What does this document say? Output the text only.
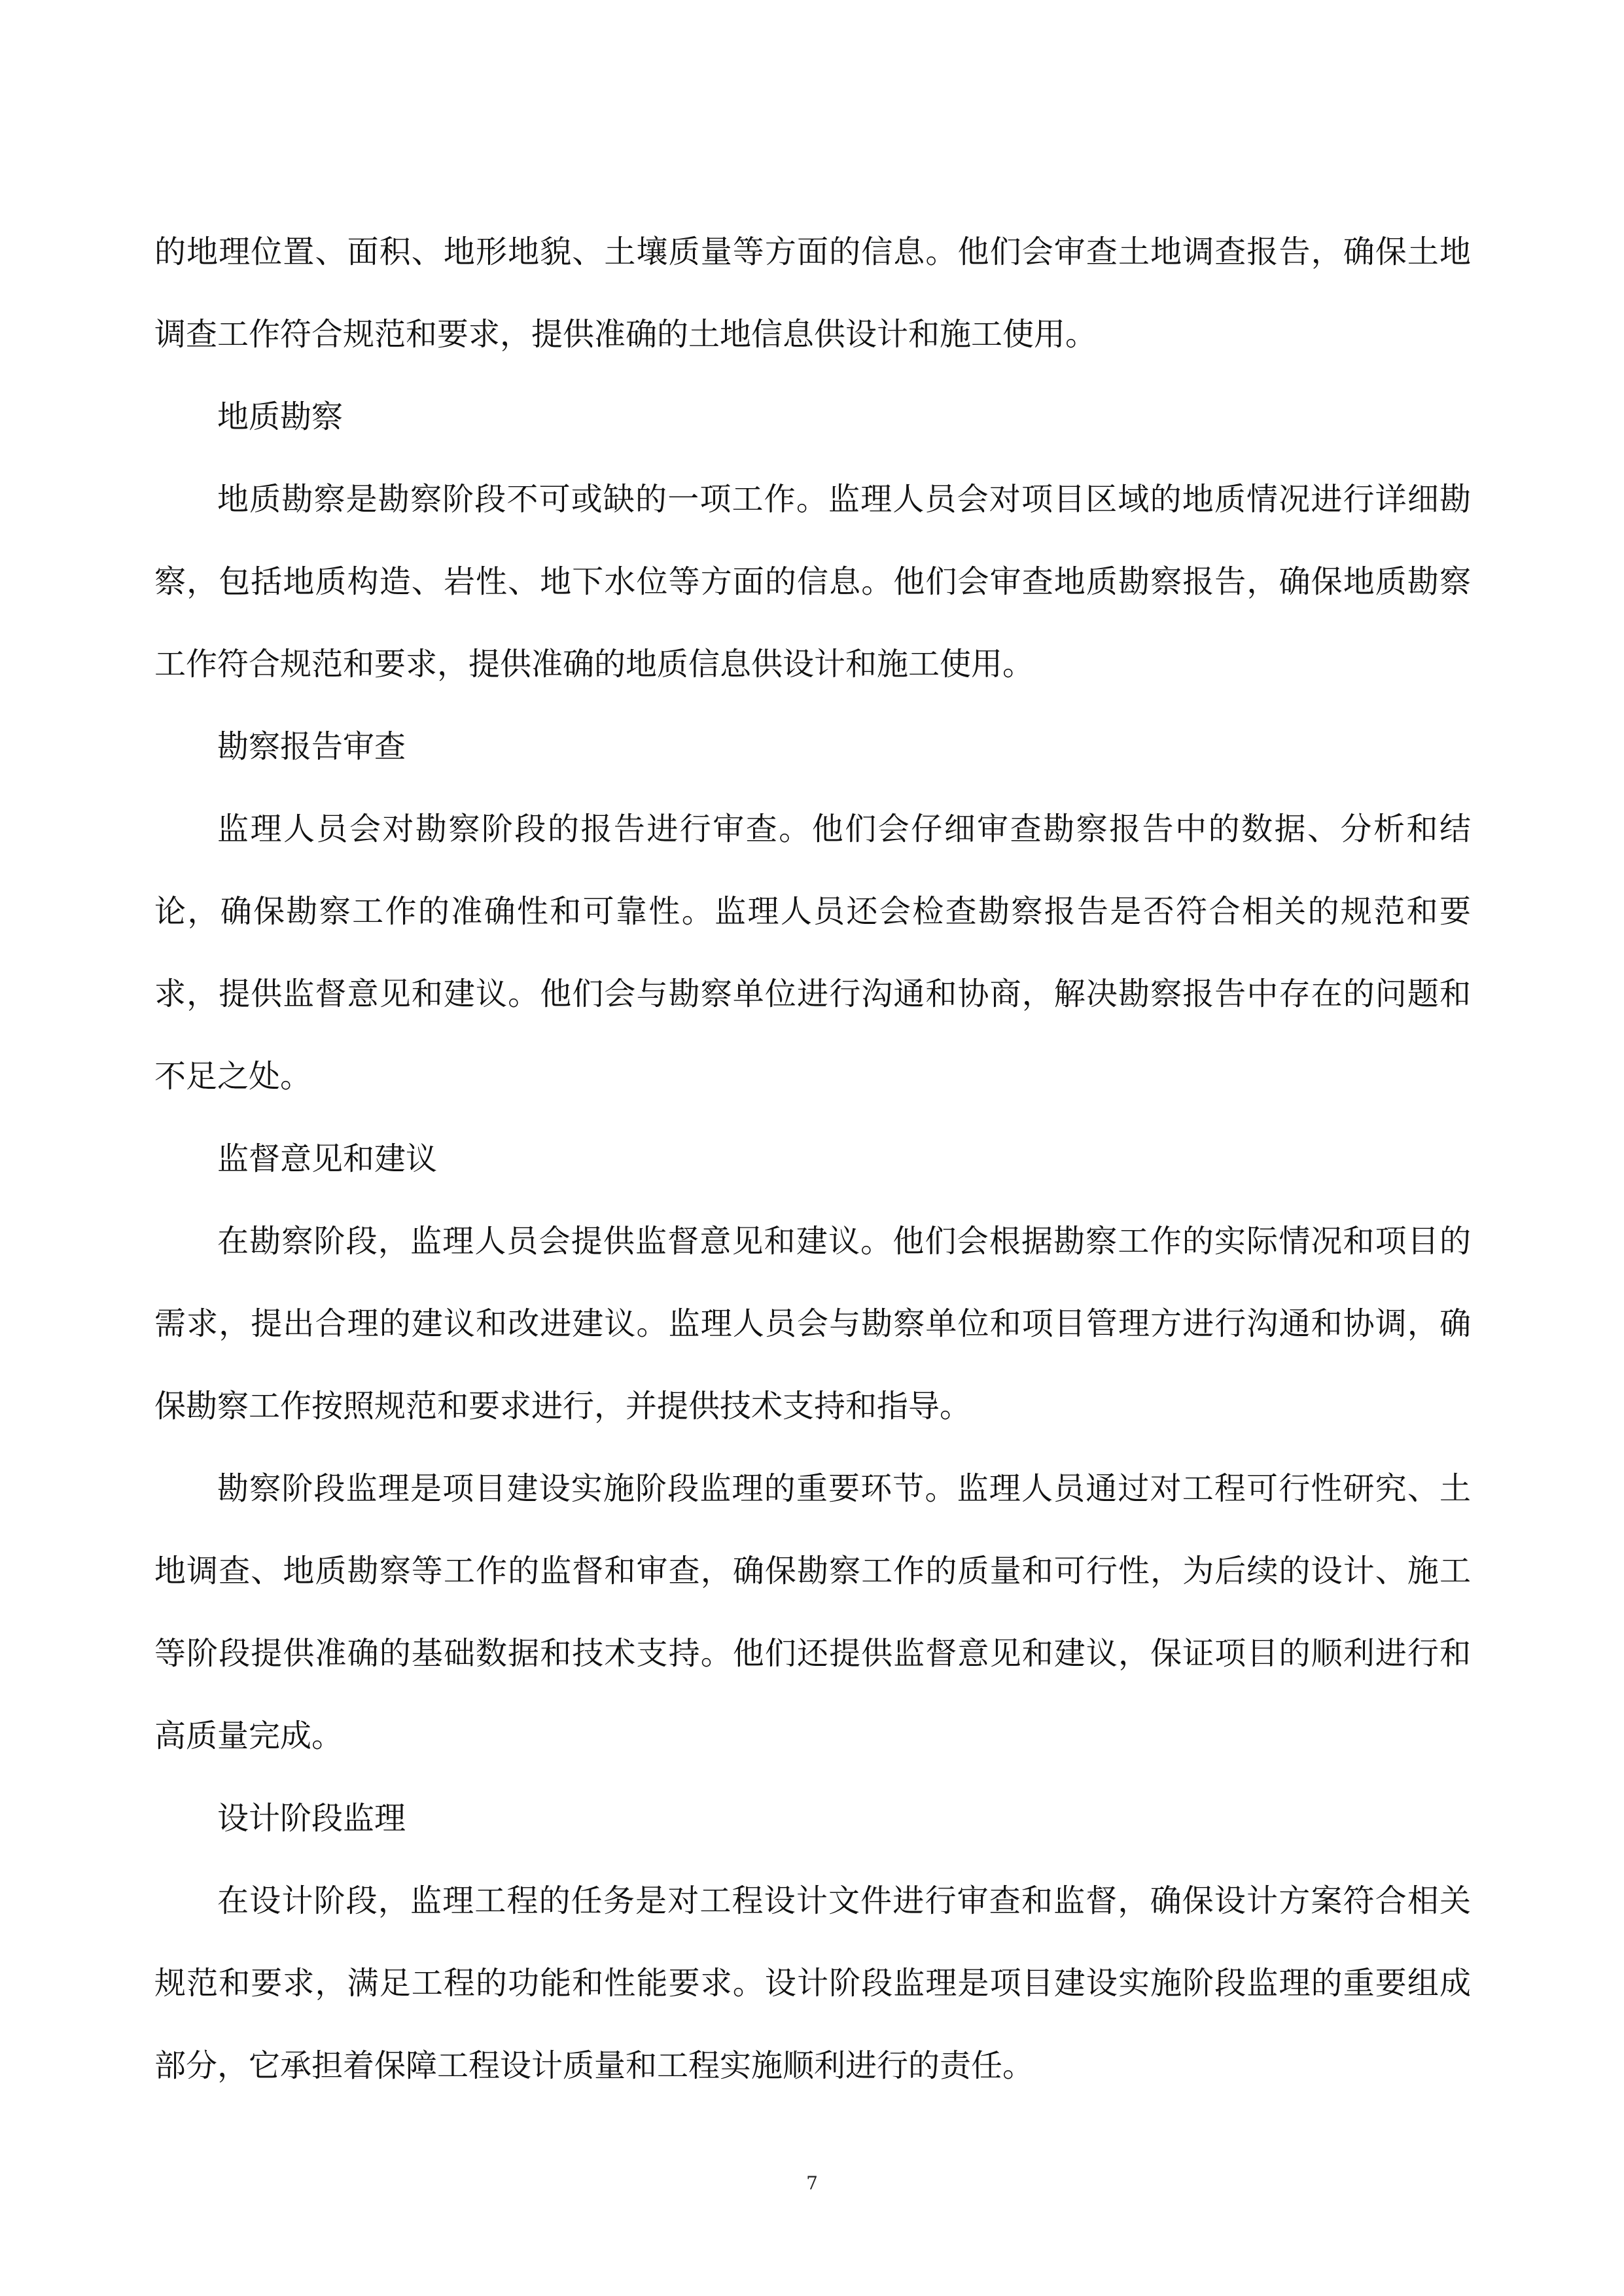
的地理位置、面积、地形地貌、土壤质量等方面的信息。他们会审查土地调查报告，确保土地调查工作符合规范和要求，提供准确的土地信息供设计和施工使用。

地质勘察

地质勘察是勘察阶段不可或缺的一项工作。监理人员会对项目区域的地质情况进行详细勘察，包括地质构造、岩性、地下水位等方面的信息。他们会审查地质勘察报告，确保地质勘察工作符合规范和要求，提供准确的地质信息供设计和施工使用。

勘察报告审查

监理人员会对勘察阶段的报告进行审查。他们会仔细审查勘察报告中的数据、分析和结论，确保勘察工作的准确性和可靠性。监理人员还会检查勘察报告是否符合相关的规范和要求，提供监督意见和建议。他们会与勘察单位进行沟通和协商，解决勘察报告中存在的问题和不足之处。

监督意见和建议

在勘察阶段，监理人员会提供监督意见和建议。他们会根据勘察工作的实际情况和项目的需求，提出合理的建议和改进建议。监理人员会与勘察单位和项目管理方进行沟通和协调，确保勘察工作按照规范和要求进行，并提供技术支持和指导。

勘察阶段监理是项目建设实施阶段监理的重要环节。监理人员通过对工程可行性研究、土地调查、地质勘察等工作的监督和审查，确保勘察工作的质量和可行性，为后续的设计、施工等阶段提供准确的基础数据和技术支持。他们还提供监督意见和建议，保证项目的顺利进行和高质量完成。

设计阶段监理

在设计阶段，监理工程的任务是对工程设计文件进行审查和监督，确保设计方案符合相关规范和要求，满足工程的功能和性能要求。设计阶段监理是项目建设实施阶段监理的重要组成部分，它承担着保障工程设计质量和工程实施顺利进行的责任。

7
